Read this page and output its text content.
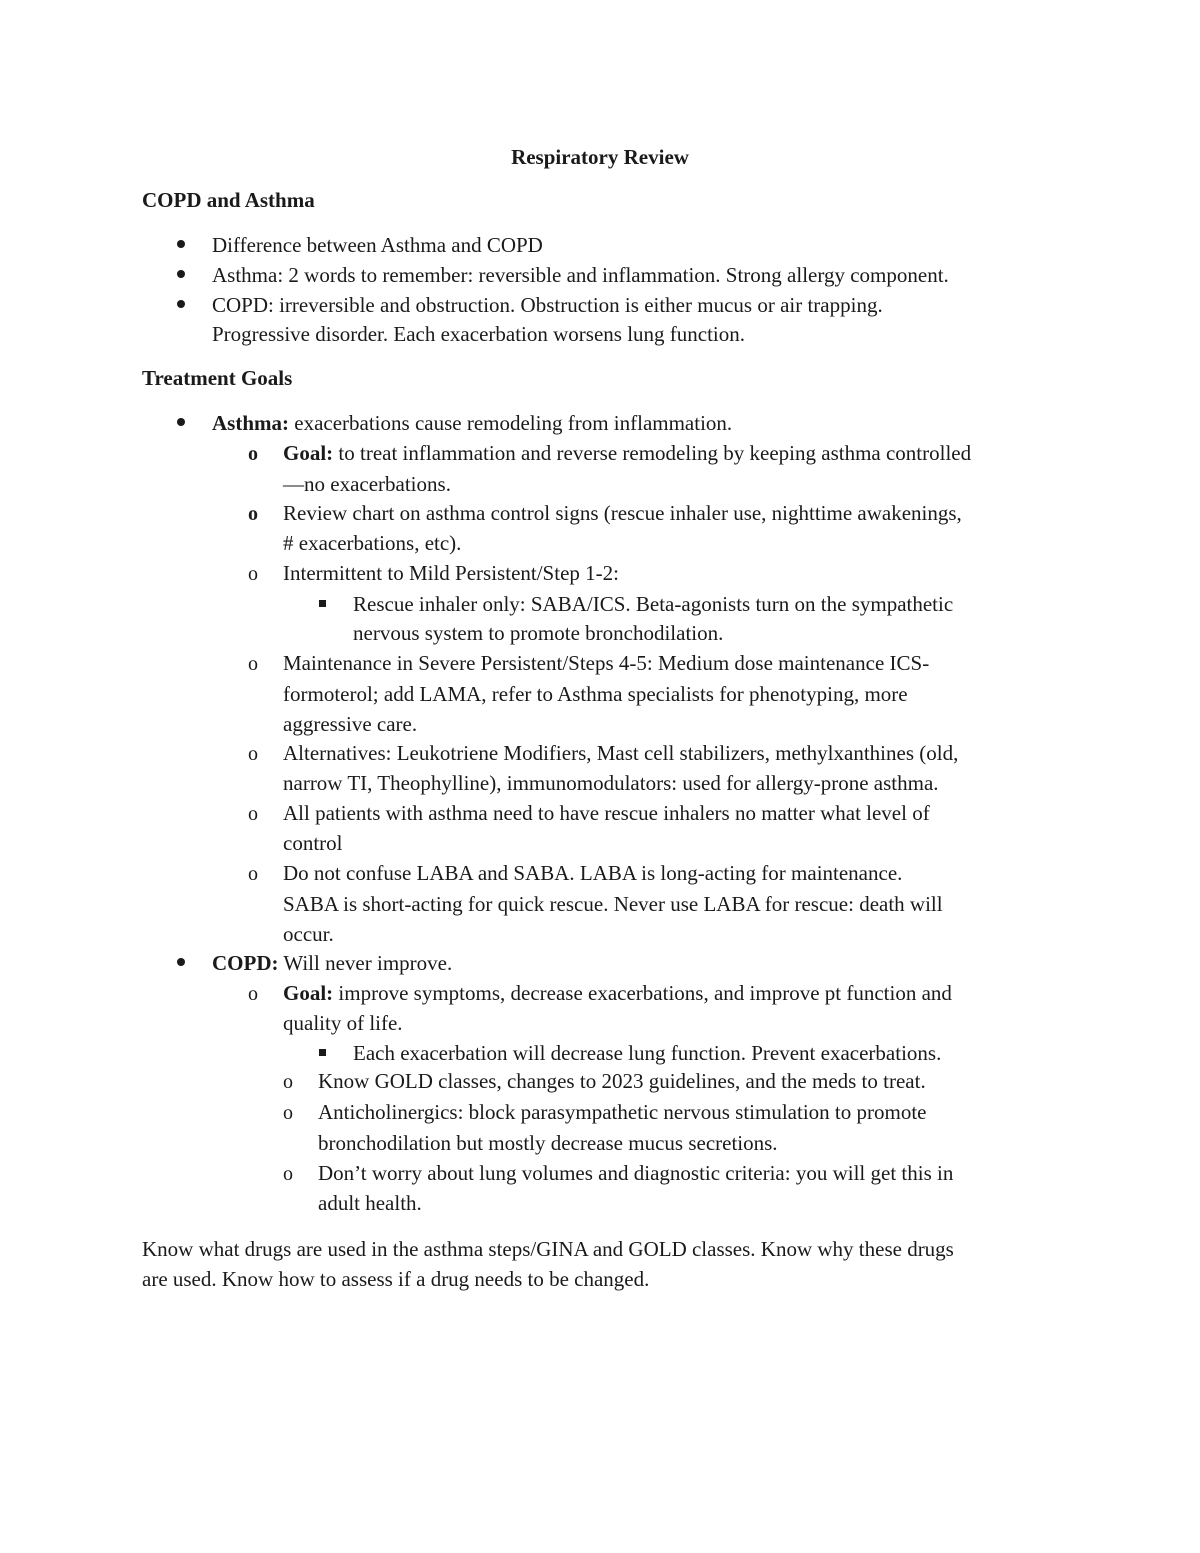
Respiratory Review
COPD and Asthma
Difference between Asthma and COPD
Asthma: 2 words to remember: reversible and inflammation. Strong allergy component.
COPD: irreversible and obstruction. Obstruction is either mucus or air trapping.
Progressive disorder. Each exacerbation worsens lung function.
Treatment Goals
Asthma: exacerbations cause remodeling from inflammation.
o Goal: to treat inflammation and reverse remodeling by keeping asthma controlled
—no exacerbations.
o Review chart on asthma control signs (rescue inhaler use, nighttime awakenings,
# exacerbations, etc).
o Intermittent to Mild Persistent/Step 1-2:
Rescue inhaler only: SABA/ICS. Beta-agonists turn on the sympathetic
nervous system to promote bronchodilation.
o Maintenance in Severe Persistent/Steps 4-5: Medium dose maintenance ICS-
formoterol; add LAMA, refer to Asthma specialists for phenotyping, more
aggressive care.
o Alternatives: Leukotriene Modifiers, Mast cell stabilizers, methylxanthines (old,
narrow TI, Theophylline), immunomodulators: used for allergy-prone asthma.
o All patients with asthma need to have rescue inhalers no matter what level of
control
o Do not confuse LABA and SABA. LABA is long-acting for maintenance.
SABA is short-acting for quick rescue. Never use LABA for rescue: death will
occur.
COPD: Will never improve.
o Goal: improve symptoms, decrease exacerbations, and improve pt function and
quality of life.
Each exacerbation will decrease lung function. Prevent exacerbations.
o Know GOLD classes, changes to 2023 guidelines, and the meds to treat.
o Anticholinergics: block parasympathetic nervous stimulation to promote
bronchodilation but mostly decrease mucus secretions.
o Don’t worry about lung volumes and diagnostic criteria: you will get this in
adult health.
Know what drugs are used in the asthma steps/GINA and GOLD classes. Know why these drugs
are used. Know how to assess if a drug needs to be changed.
